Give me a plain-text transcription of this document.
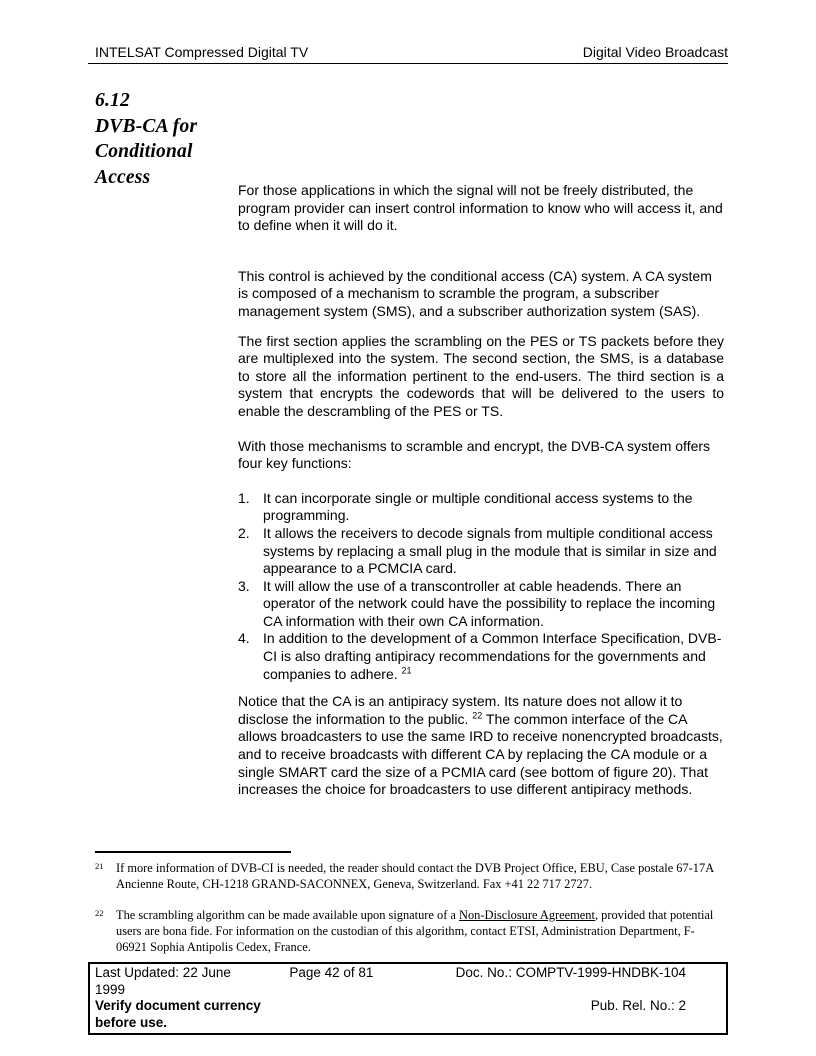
INTELSAT Compressed Digital TV	Digital Video Broadcast
6.12
DVB-CA for
Conditional
Access

For those applications in which the signal will not be freely distributed, the program provider can insert control information to know who will access it, and to define when it will do it.

This control is achieved by the conditional access (CA) system. A CA system is composed of a mechanism to scramble the program, a subscriber management system (SMS), and a subscriber authorization system (SAS).

The first section applies the scrambling on the PES or TS packets before they are multiplexed into the system. The second section, the SMS, is a database to store all the information pertinent to the end-users. The third section is a system that encrypts the codewords that will be delivered to the users to enable the descrambling of the PES or TS.

With those mechanisms to scramble and encrypt, the DVB-CA system offers four key functions:

1. It can incorporate single or multiple conditional access systems to the programming.
2. It allows the receivers to decode signals from multiple conditional access systems by replacing a small plug in the module that is similar in size and appearance to a PCMCIA card.
3. It will allow the use of a transcontroller at cable headends. There an operator of the network could have the possibility to replace the incoming CA information with their own CA information.
4. In addition to the development of a Common Interface Specification, DVB-CI is also drafting antipiracy recommendations for the governments and companies to adhere. $^{21}$

Notice that the CA is an antipiracy system. Its nature does not allow it to disclose the information to the public. $^{22}$ The common interface of the CA allows broadcasters to use the same IRD to receive nonencrypted broadcasts, and to receive broadcasts with different CA by replacing the CA module or a single SMART card the size of a PCMIA card (see bottom of figure 20). That increases the choice for broadcasters to use different antipiracy methods.

21 If more information of DVB-CI is needed, the reader should contact the DVB Project Office, EBU, Case postale 67-17A Ancienne Route, CH-1218 GRAND-SACONNEX, Geneva, Switzerland. Fax +41 22 717 2727.
22 The scrambling algorithm can be made available upon signature of a Non-Disclosure Agreement, provided that potential users are bona fide. For information on the custodian of this algorithm, contact ETSI, Administration Department, F-06921 Sophia Antipolis Cedex, France.
Last Updated: 22 June 1999
Page 42 of 81	Doc. No.: COMPTV-1999-HNDBK-104
Verify document currency before use.
Pub. Rel. No.: 2
